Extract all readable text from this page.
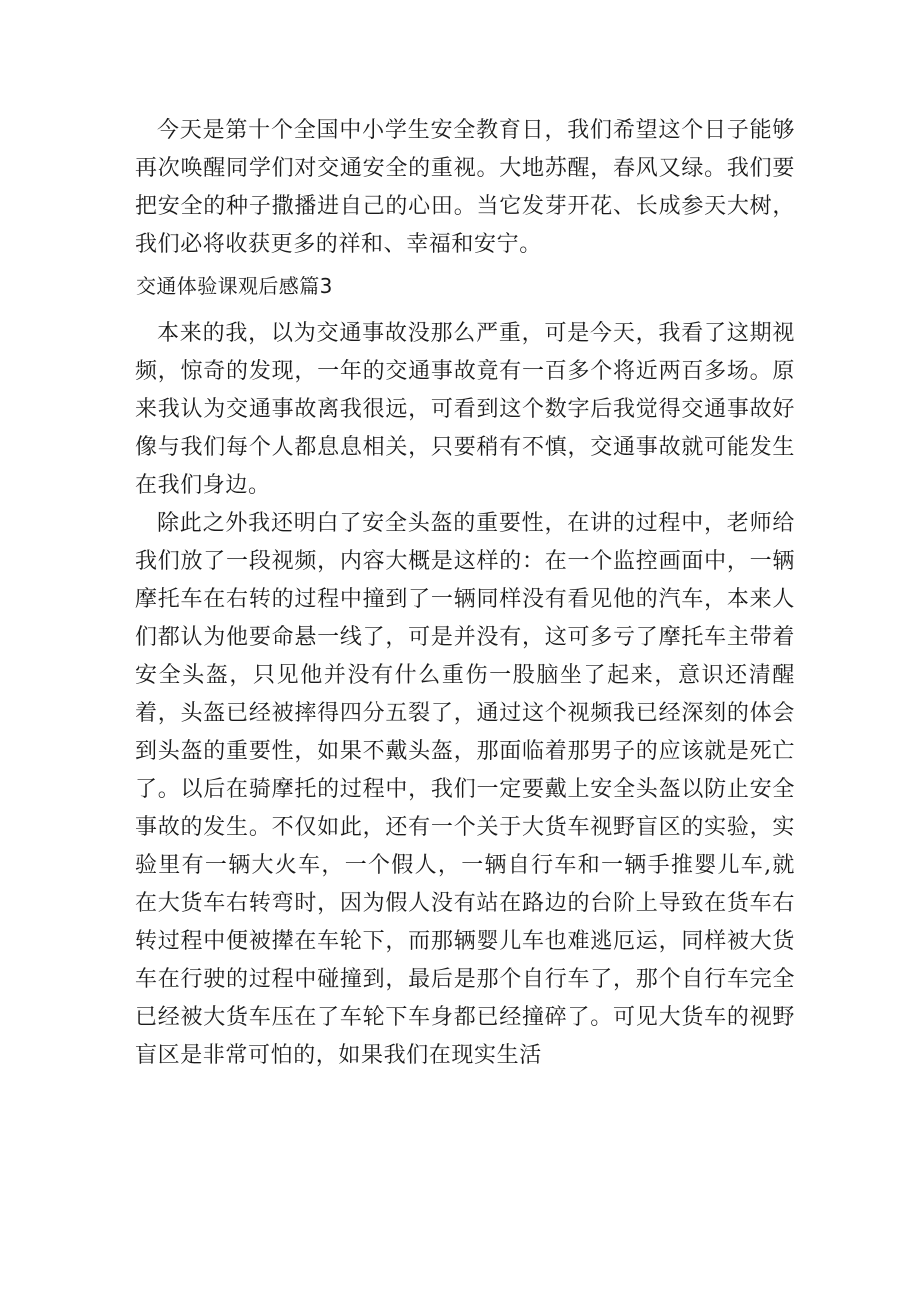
今天是第十个全国中小学生安全教育日，我们希望这个日子能够再次唤醒同学们对交通安全的重视。大地苏醒，春风又绿。我们要把安全的种子撒播进自己的心田。当它发芽开花、长成参天大树，我们必将收获更多的祥和、幸福和安宁。

交通体验课观后感篇3

本来的我，以为交通事故没那么严重，可是今天，我看了这期视频，惊奇的发现，一年的交通事故竟有一百多个将近两百多场。原来我认为交通事故离我很远，可看到这个数字后我觉得交通事故好像与我们每个人都息息相关，只要稍有不慎，交通事故就可能发生在我们身边。

除此之外我还明白了安全头盔的重要性，在讲的过程中，老师给我们放了一段视频，内容大概是这样的：在一个监控画面中，一辆摩托车在右转的过程中撞到了一辆同样没有看见他的汽车，本来人们都认为他要命悬一线了，可是并没有，这可多亏了摩托车主带着安全头盔，只见他并没有什么重伤一股脑坐了起来，意识还清醒着，头盔已经被摔得四分五裂了，通过这个视频我已经深刻的体会到头盔的重要性，如果不戴头盔，那面临着那男子的应该就是死亡了。以后在骑摩托的过程中，我们一定要戴上安全头盔以防止安全事故的发生。不仅如此，还有一个关于大货车视野盲区的实验，实验里有一辆大火车，一个假人，一辆自行车和一辆手推婴儿车,就在大货车右转弯时，因为假人没有站在路边的台阶上导致在货车右转过程中便被撵在车轮下，而那辆婴儿车也难逃厄运，同样被大货车在行驶的过程中碰撞到，最后是那个自行车了，那个自行车完全已经被大货车压在了车轮下车身都已经撞碎了。可见大货车的视野盲区是非常可怕的，如果我们在现实生活
